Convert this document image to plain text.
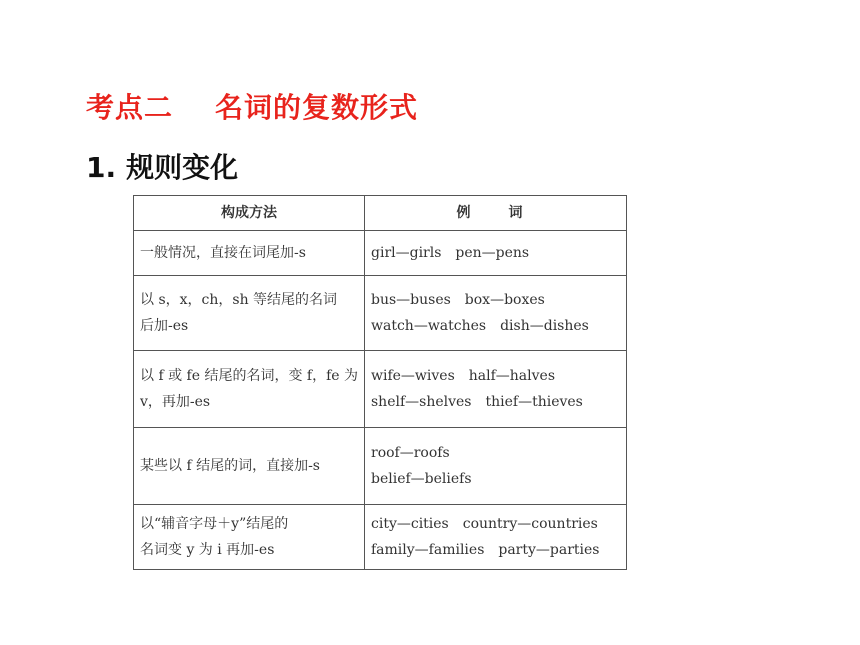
考点二 名词的复数形式
1. 规则变化
构成方法	例　词

一般情况，直接在词尾加-s	girl—girls　pen—pens

以 s，x，ch，sh 等结尾的名词
后加-es	bus—buses　box—boxes
watch—watches　dish—dishes

以 f 或 fe 结尾的名词，变 f，fe 为
v，再加-es	wife—wives　half—halves
shelf—shelves　thief—thieves

某些以 f 结尾的词，直接加-s	roof—roofs
belief—beliefs

以“辅音字母＋y”结尾的
名词变 y 为 i 再加-es	city—cities　country—countries
family—families　party—parties
